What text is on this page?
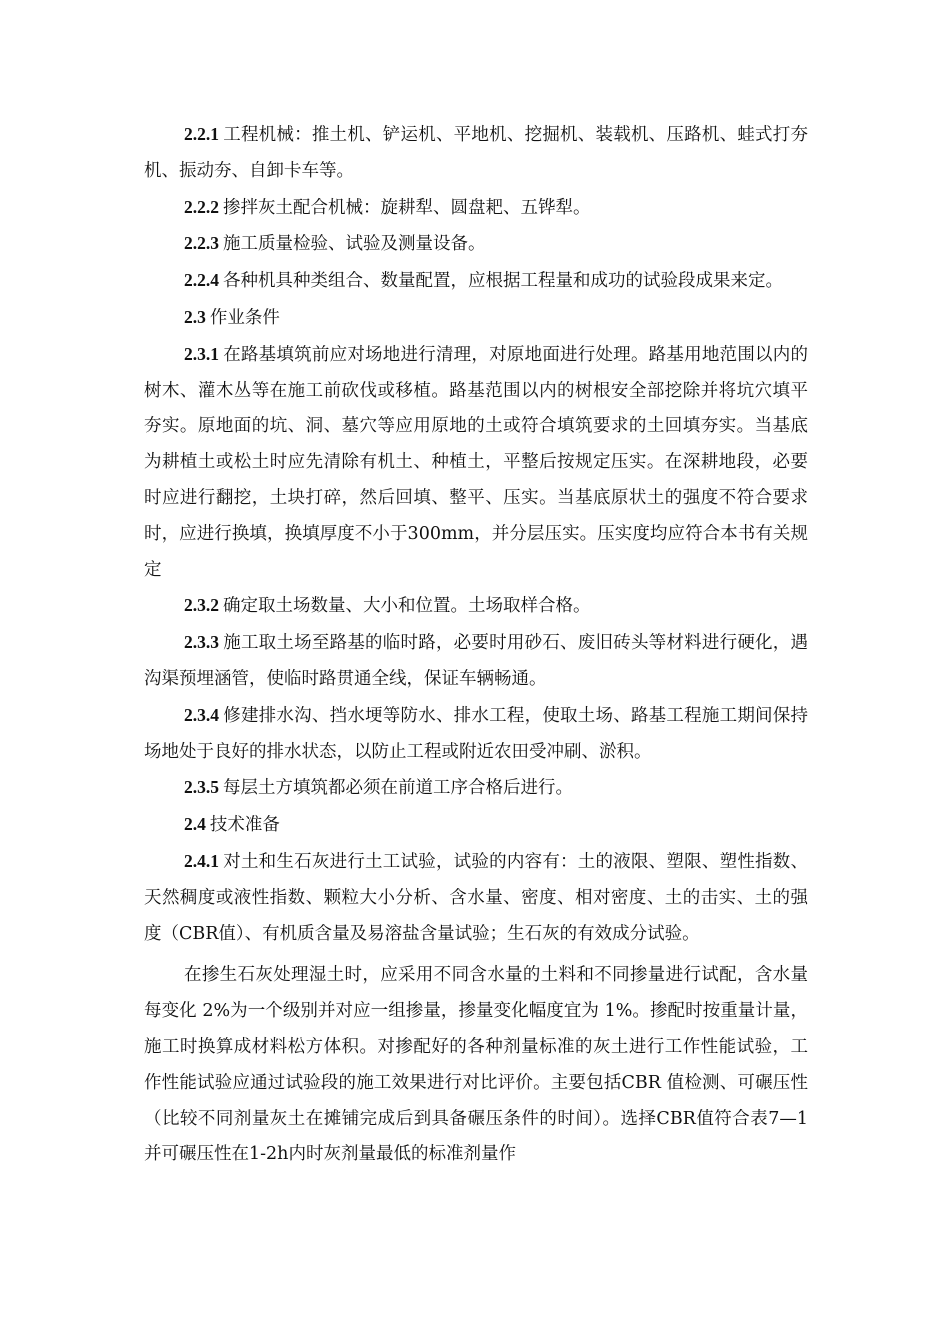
2.2.1 工程机械：推土机、铲运机、平地机、挖掘机、装载机、压路机、蛙式打夯机、振动夯、自卸卡车等。

2.2.2 掺拌灰土配合机械：旋耕犁、圆盘耙、五铧犁。

2.2.3 施工质量检验、试验及测量设备。

2.2.4 各种机具种类组合、数量配置，应根据工程量和成功的试验段成果来定。

2.3 作业条件

2.3.1 在路基填筑前应对场地进行清理，对原地面进行处理。路基用地范围以内的树木、灌木丛等在施工前砍伐或移植。路基范围以内的树根安全部挖除并将坑穴填平夯实。原地面的坑、洞、墓穴等应用原地的土或符合填筑要求的土回填夯实。当基底为耕植土或松土时应先清除有机土、种植土，平整后按规定压实。在深耕地段，必要时应进行翻挖，土块打碎，然后回填、整平、压实。当基底原状土的强度不符合要求时，应进行换填，换填厚度不小于300mm，并分层压实。压实度均应符合本书有关规定

2.3.2 确定取土场数量、大小和位置。土场取样合格。

2.3.3 施工取土场至路基的临时路，必要时用砂石、废旧砖头等材料进行硬化，遇沟渠预埋涵管，使临时路贯通全线，保证车辆畅通。

2.3.4 修建排水沟、挡水埂等防水、排水工程，使取土场、路基工程施工期间保持场地处于良好的排水状态，以防止工程或附近农田受冲刷、淤积。

2.3.5 每层土方填筑都必须在前道工序合格后进行。

2.4 技术准备

2.4.1 对土和生石灰进行土工试验，试验的内容有：土的液限、塑限、塑性指数、天然稠度或液性指数、颗粒大小分析、含水量、密度、相对密度、土的击实、土的强度（CBR值）、有机质含量及易溶盐含量试验；生石灰的有效成分试验。

在掺生石灰处理湿土时，应采用不同含水量的土料和不同掺量进行试配，含水量每变化 2%为一个级别并对应一组掺量，掺量变化幅度宜为 1%。掺配时按重量计量，施工时换算成材料松方体积。对掺配好的各种剂量标准的灰土进行工作性能试验，工作性能试验应通过试验段的施工效果进行对比评价。主要包括CBR 值检测、可碾压性（比较不同剂量灰土在摊铺完成后到具备碾压条件的时间）。选择CBR值符合表7—1并可碾压性在1-2h内时灰剂量最低的标准剂量作
